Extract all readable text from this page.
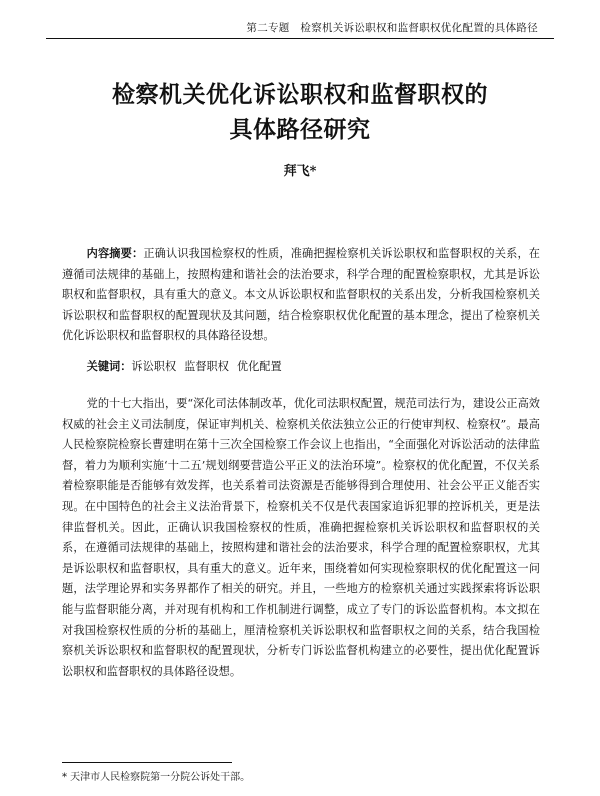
第二专题　检察机关诉讼职权和监督职权优化配置的具体路径
检察机关优化诉讼职权和监督职权的
具体路径研究
拜飞*

内容摘要：正确认识我国检察权的性质，准确把握检察机关诉讼职权和监督职权的关系，在遵循司法规律的基础上，按照构建和谐社会的法治要求，科学合理的配置检察职权，尤其是诉讼职权和监督职权，具有重大的意义。本文从诉讼职权和监督职权的关系出发，分析我国检察机关诉讼职权和监督职权的配置现状及其问题，结合检察职权优化配置的基本理念，提出了检察机关优化诉讼职权和监督职权的具体路径设想。

关键词：诉讼职权 监督职权 优化配置

党的十七大指出，要“深化司法体制改革，优化司法职权配置，规范司法行为，建设公正高效权威的社会主义司法制度，保证审判机关、检察机关依法独立公正的行使审判权、检察权”。最高人民检察院检察长曹建明在第十三次全国检察工作会议上也指出，“全面强化对诉讼活动的法律监督，着力为顺利实施‘十二五’规划纲要营造公平正义的法治环境”。检察权的优化配置，不仅关系着检察职能是否能够有效发挥，也关系着司法资源是否能够得到合理使用、社会公平正义能否实现。在中国特色的社会主义法治背景下，检察机关不仅是代表国家追诉犯罪的控诉机关，更是法律监督机关。因此，正确认识我国检察权的性质，准确把握检察机关诉讼职权和监督职权的关系，在遵循司法规律的基础上，按照构建和谐社会的法治要求，科学合理的配置检察职权，尤其是诉讼职权和监督职权，具有重大的意义。近年来，围绕着如何实现检察职权的优化配置这一问题，法学理论界和实务界都作了相关的研究。并且，一些地方的检察机关通过实践探索将诉讼职能与监督职能分离，并对现有机构和工作机制进行调整，成立了专门的诉讼监督机构。本文拟在对我国检察权性质的分析的基础上，厘清检察机关诉讼职权和监督职权之间的关系，结合我国检察机关诉讼职权和监督职权的配置现状，分析专门诉讼监督机构建立的必要性，提出优化配置诉讼职权和监督职权的具体路径设想。

* 天津市人民检察院第一分院公诉处干部。
